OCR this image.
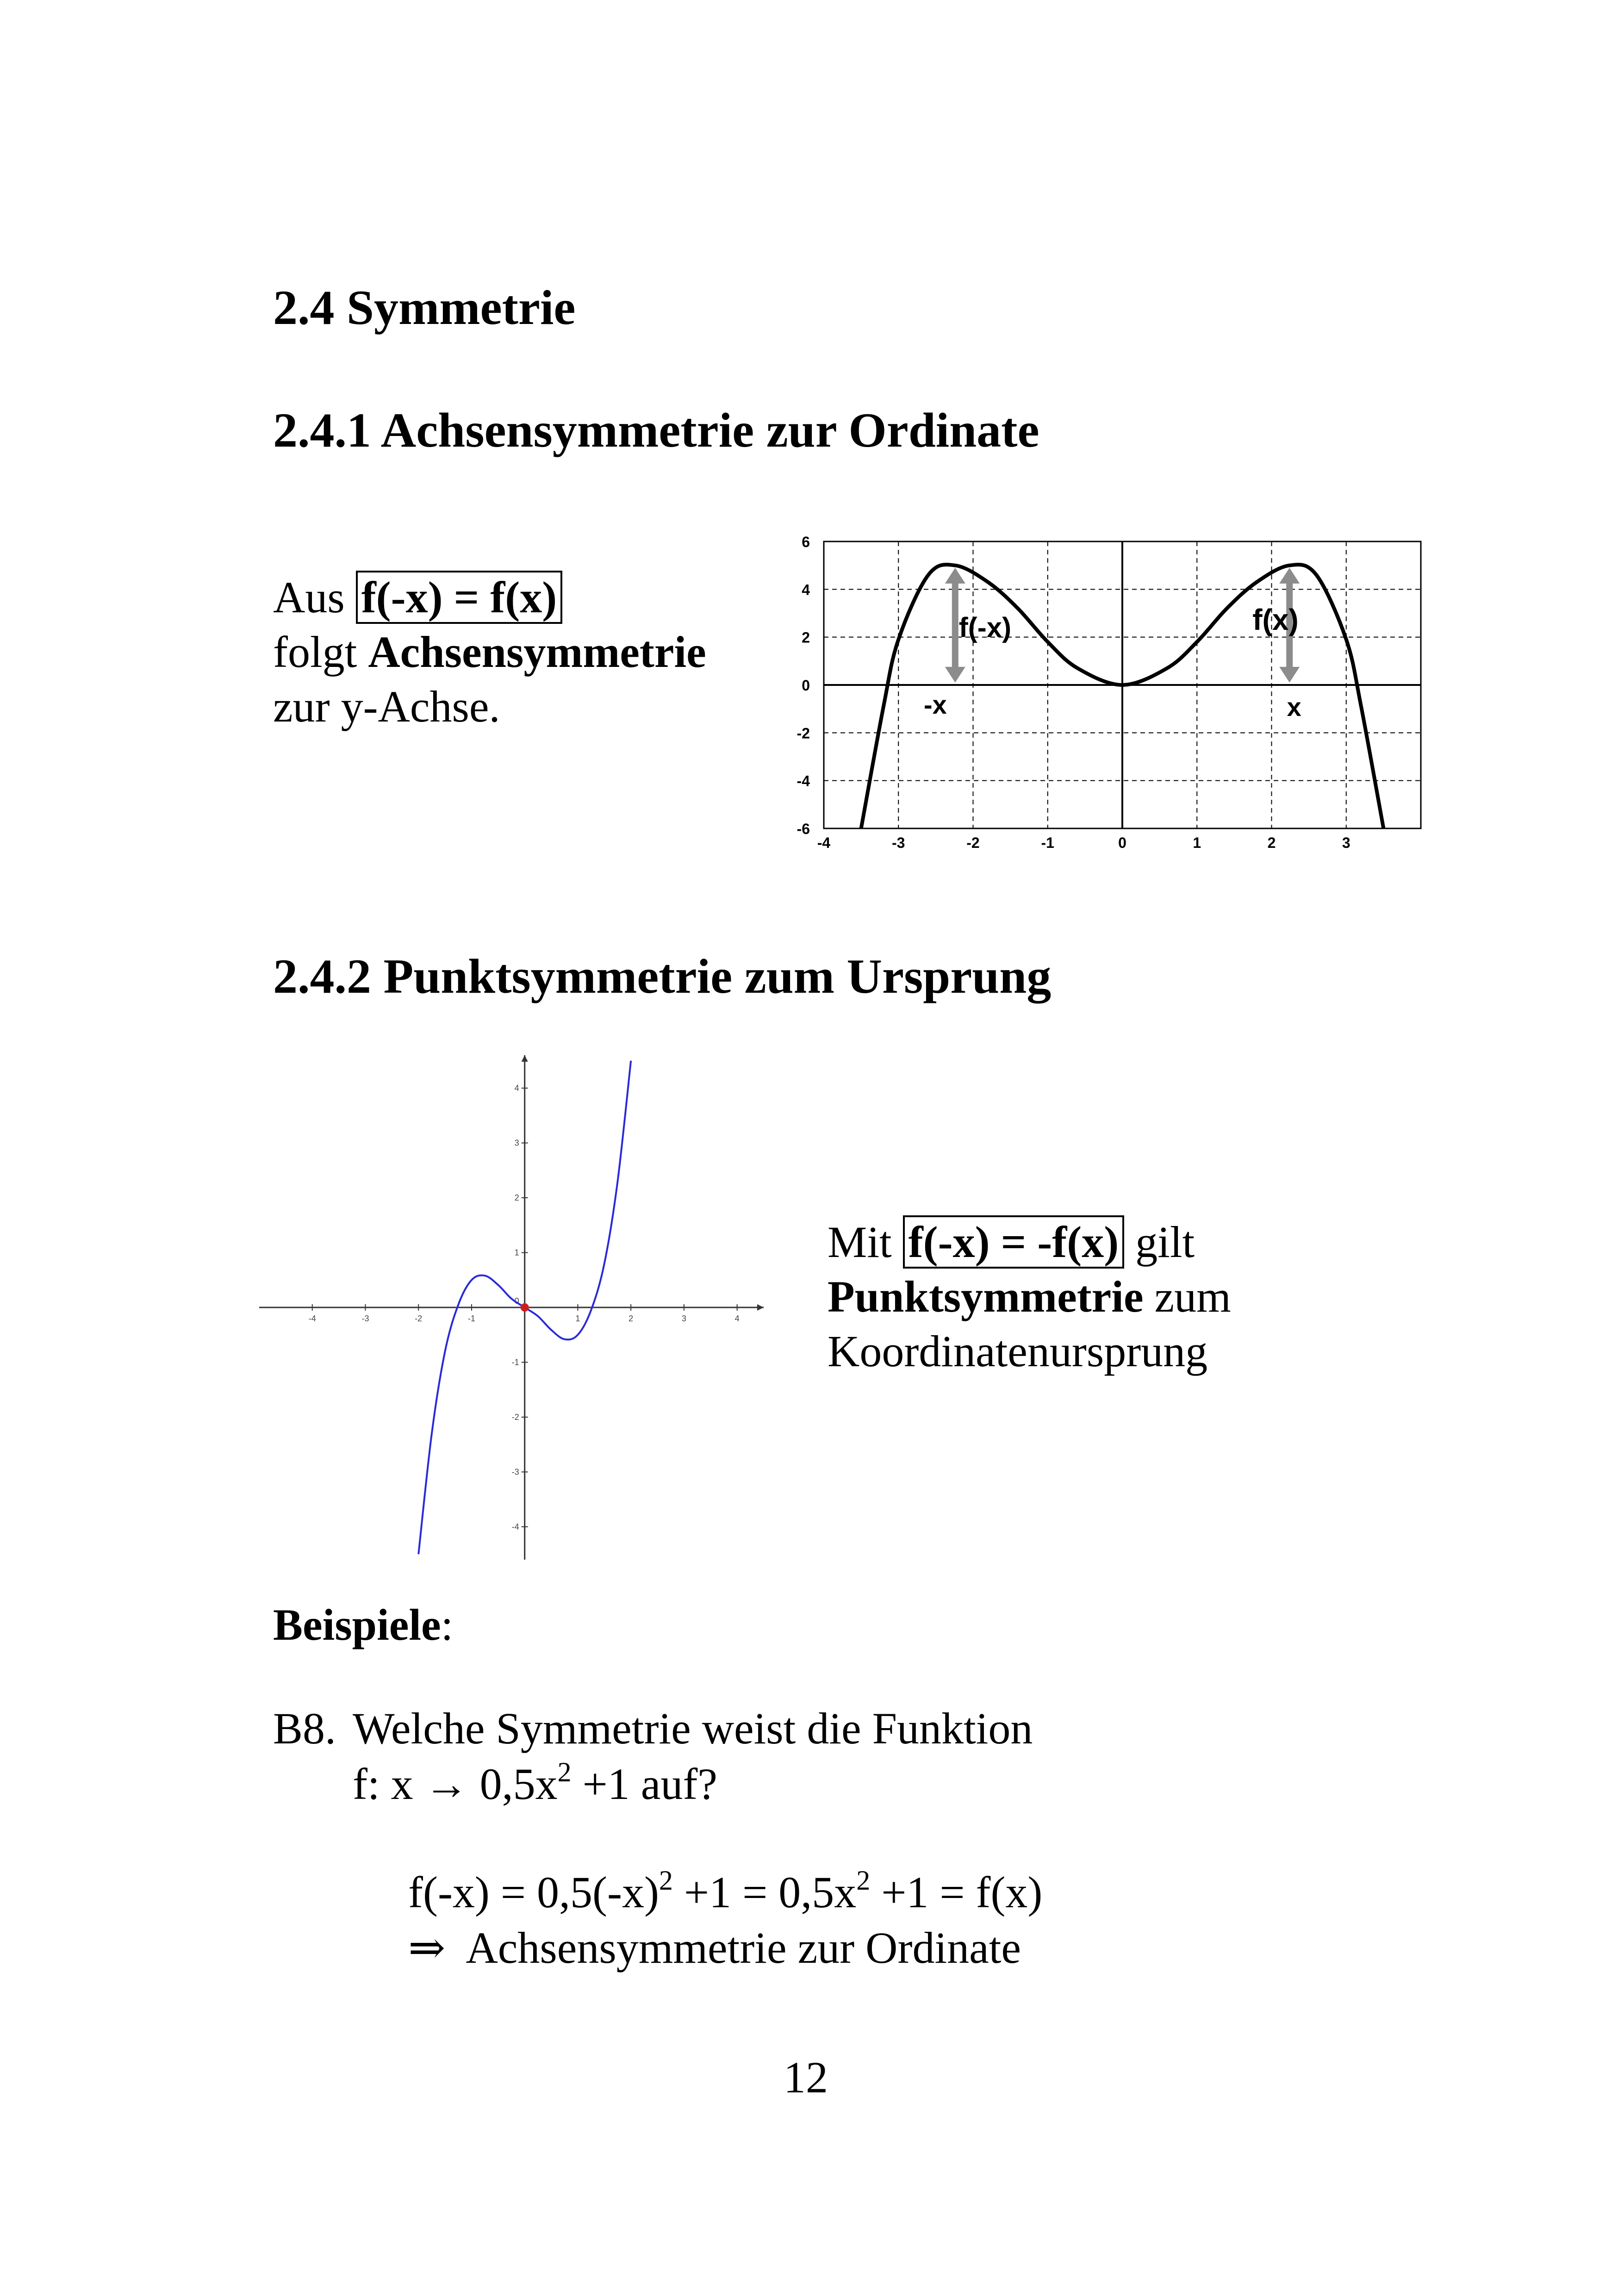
2.4 Symmetrie
2.4.1 Achsensymmetrie zur Ordinate
Aus f(-x) = f(x)
folgt Achsensymmetrie
zur y-Achse.
-4	-3	-2	-1	0	1	2	3
6
4
2
0
-2
-4
-6
f(-x)	f(x)
-x	x
2.4.2 Punktsymmetrie zum Ursprung
-4	-3	-2	-1	1	2	3	4
4
3
2
1
-1
-2
-3
-4
0
Mit f(-x) = -f(x) gilt
Punktsymmetrie zum
Koordinatenursprung
Beispiele:
B8. Welche Symmetrie weist die Funktion
f: $x \to 0,5x^2 +1$ auf?
$f(-x) = 0,5(-x)^2 +1 = 0,5x^2 +1 = f(x)$
⇒ Achsensymmetrie zur Ordinate
12
